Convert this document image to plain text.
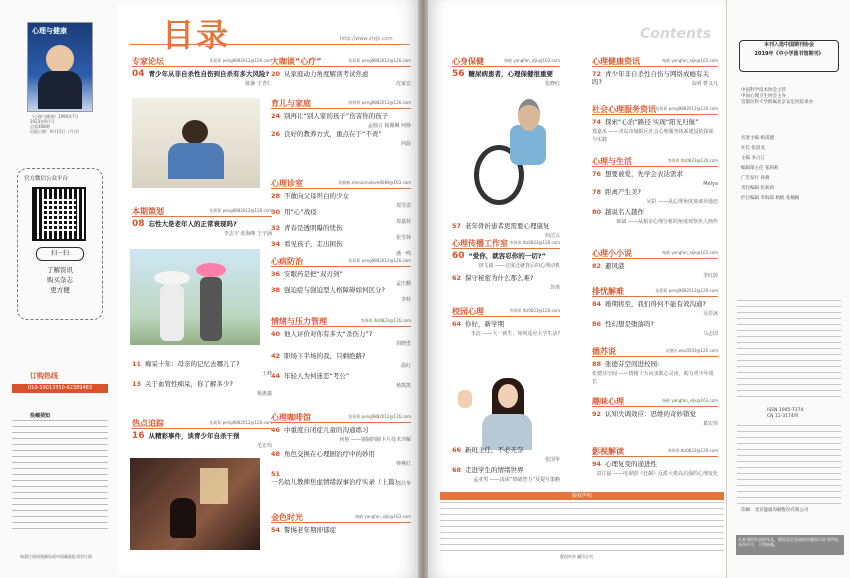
心理与健康
《心理与健康》1994年7月
2023年9月号
总第308期
出版日期：9月15日（月刊）
官方微信公众平台
扫一扫
了解资讯
购买杂志
更方便
订购热线
010-59013350-62389483
投稿须知
如需订阅请到邮局或中国邮政报刊亭订阅
目录	http://www.xlyjk.com	Contents
专家论坛	张莉莉 peng9882012@126.com
04 青少年从非自杀性自伤到自杀有多大风险?
陈静 王杏仁
本期策划	张莉莉 peng9882012@126.com
08 忘性大是老年人的正常衰现吗?
李志宇 张海峰 王宇涵
11 痴呆十年：母亲的记忆去哪儿了?
王峰
13 关于血管性痴呆，你了解多少?
杨惠鑫
热点追踪	张莉莉 peng9882012@126.com
16 从精彩事件，谈青少年自杀干预
毛宏伟
大咖谈“心疗”	张莉莉 peng9882012@126.com
20 从家庭动力角度解读考试焦虑
沈家宏
育儿与家庭	郭婷婷 peng9882012@126.com
24 别再让“别人家的孩子”伤害你的孩子
孟伽言 杨佩琳 何铮
26 良好的教养方式，重点在于“不责”
何晨
心理诊室	张楠楠 zhenannalove8089@163.com
28 不敢向父母坦白的少女
郑雪姿
30 用“心”战疫
郑嘉荷
32 青春是透明曝的忧伤
张雪林
34 看见孩子，走出困伤
潘一鸣
心病防治	张莉莉 peng9882012@126.com
36 安眠药是把“双刃剑”
孟庆鹏
38 强迫症与强迫型人格障碍如何区分?
李特
情绪与压力管理	李海琼 lhz0823@126.com
40 他人评价对你有多大“杀伤力”?
胡晓勇
42 职场下半场的我，只剩绝路?
温红
44 年轻人为何迷恋“考公”
杨凯凯
心理咖啡馆	张莉莉 peng9882012@126.com
46 中重度自闭症儿童的沟通练习
何艳 ——钢制的制卡片技术详解
48 角色交换在心理剧治疗中的妙用
钟燕红
51一名幼儿教师焦虑情绪叙事治疗实录（上篇）
郭昌华
金色时光	杨帆 yangfan_xljk@163.com
54 警惕老年期抑郁症
心身保健	杨帆 yangfan_xljk@163.com
56 糖尿病患者，心理保健很重要
张晓红
57 老年骨折患者更需要心理康复
何洁云
心理传播工作室 李海琼 lhz0823@126.com
60 “爱你，就容忍你的一切?”
唐文斌 ——过度迁就背后的心理动机
62 保守秘密为什么那么难?
苏琪
校园心理	李海琼 lhz0823@126.com
64 你好，新学期
李洁 ——大一新生，如何适应大学生活?
66 新班主任，不必无奈
张国华
68 走进学生的情绪世界
孟亚男 ——浅谈“情绪智力”及提升策略
心理健康资讯	杨帆 yangfan_xljk@163.com
72 青少年非自杀性自伤与网络成瘾有关吗?	高明 曹义凡
社会心理服务资讯 张莉莉 peng9882012@126.com
74 探索“心治”路径 实现“阳光归航”
郑嘉禾 ——青岛市城阳区社会心理服务体系建设的探索与实践
心理与生活	李海琼 lhz0823@126.com
76 想要被爱，先学会表达需求
Melya
78 距离产生美?
吴彩 ——从心理角度谈谈异地恋
80 越说名人越作
韩斌 ——从相亲心理分析的角度观察名人画作
心理小小说	杨帆 yangfan_xljk@163.com
82 避风港
李红蔚
排忧解难	张莉莉 peng9882012@126.com
84 婚期将至，我们得何不能有效沟通?
吴若冰
86 性幻想是堕落吗?
马志国
德苏说	吴德苏 wsx0503@126.com
88 张德芬空间进校园:
张德芬空间 ——情绪十万问求救心灵夜，助力青少年成长
趣味心理	杨帆 yangfan_xljk@163.com
92 认知失调效应：思维的奇妙错觉
葛宏伟
影视解读	李海琼 lhz0823@126.com
94 心理复变的递进性
袁江福 ——电视剧《狂飙》反派大佬高启强的心理变化
版权声明
版权所有 翻印必究
本刊入选中国期刊协会
2019年《中小学图书馆期刊》
中国科学技术协会主管
中国心理卫生协会主办
首都医科大学附属北京安定医院承办
名誉主编 杨甫德
社长 张道龙
主编 李占江
编辑部主任 张莉莉
广告发行 孙燕
责任编辑 彭莉莉
栏目编辑 李海琼 杨帆 张楠楠
ISSN 1005-7374
CN 11-3174/R
印刷：北京盛通印刷股份有限公司
凡本刊所发表的作品，版权及信息网络传播权归本刊所有，未经许可，不得转载。
